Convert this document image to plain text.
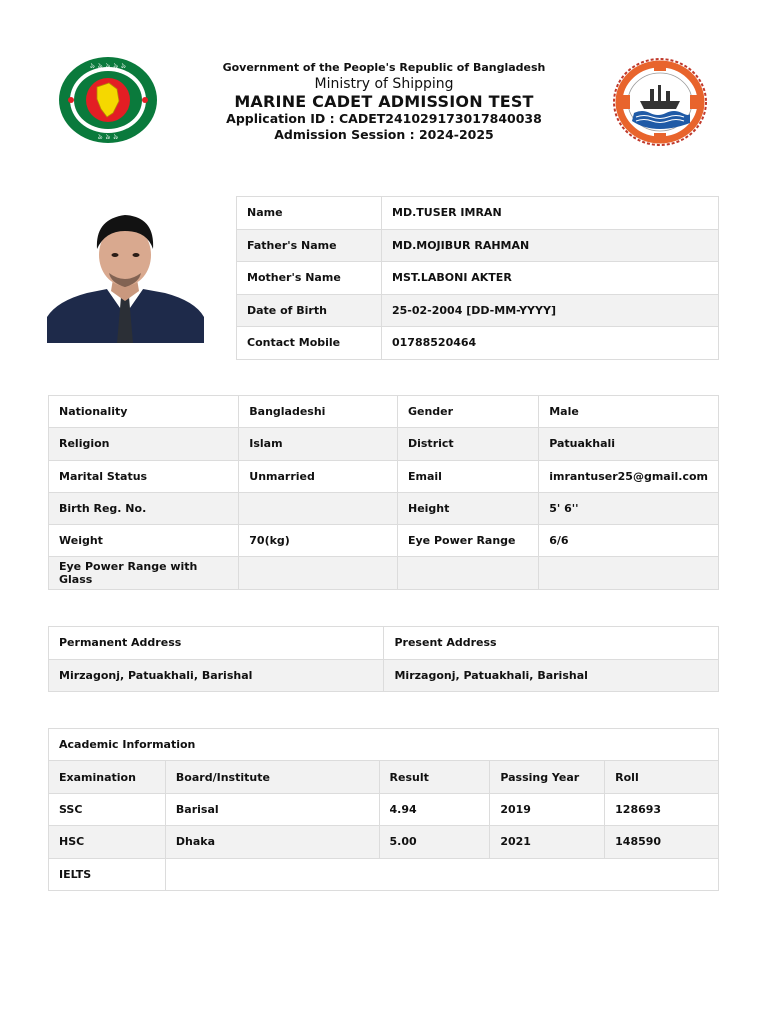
৯ ৯ ৯ ৯ ৯
৯ ৯ ৯
Government of the People's Republic of Bangladesh
Ministry of Shipping
MARINE CADET ADMISSION TEST
Application ID : CADET241029173017840038
Admission Session : 2024-2025
Name	MD.TUSER IMRAN
Father's Name	MD.MOJIBUR RAHMAN
Mother's Name	MST.LABONI AKTER
Date of Birth	25-02-2004 [DD-MM-YYYY]
Contact Mobile	01788520464
Nationality	Bangladeshi	Gender	Male
Religion	Islam	District	Patuakhali
Marital Status	Unmarried	Email	imrantuser25@gmail.com
Birth Reg. No.		Height	5' 6''
Weight	70(kg)	Eye Power Range	6/6
Eye Power Range with Glass			
Permanent Address	Present Address
Mirzagonj, Patuakhali, Barishal	Mirzagonj, Patuakhali, Barishal
Academic Information				
Examination	Board/Institute	Result	Passing Year	Roll
SSC	Barisal	4.94	2019	128693
HSC	Dhaka	5.00	2021	148590
IELTS				
